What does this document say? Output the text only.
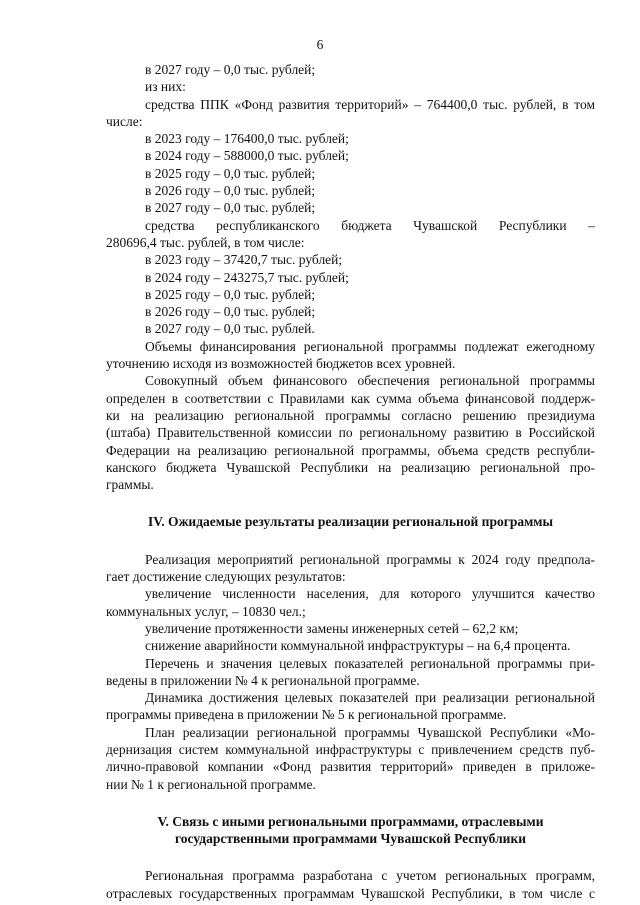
6
в 2027 году – 0,0 тыс. рублей;
из них:
средства ППК «Фонд развития территорий» – 764400,0 тыс. рублей, в том
числе:
в 2023 году – 176400,0 тыс. рублей;
в 2024 году – 588000,0 тыс. рублей;
в 2025 году – 0,0 тыс. рублей;
в 2026 году – 0,0 тыс. рублей;
в 2027 году – 0,0 тыс. рублей;
средства республиканского бюджета Чувашской Республики –
280696,4 тыс. рублей, в том числе:
в 2023 году – 37420,7 тыс. рублей;
в 2024 году – 243275,7 тыс. рублей;
в 2025 году – 0,0 тыс. рублей;
в 2026 году – 0,0 тыс. рублей;
в 2027 году – 0,0 тыс. рублей.
Объемы финансирования региональной программы подлежат ежегодному
уточнению исходя из возможностей бюджетов всех уровней.
Совокупный объем финансового обеспечения региональной программы
определен в соответствии с Правилами как сумма объема финансовой поддерж-
ки на реализацию региональной программы согласно решению президиума
(штаба) Правительственной комиссии по региональному развитию в Российской
Федерации на реализацию региональной программы, объема средств республи-
канского бюджета Чувашской Республики на реализацию региональной про-
граммы.
IV. Ожидаемые результаты реализации региональной программы
Реализация мероприятий региональной программы к 2024 году предпола-
гает достижение следующих результатов:
увеличение численности населения, для которого улучшится качество
коммунальных услуг, – 10830 чел.;
увеличение протяженности замены инженерных сетей – 62,2 км;
снижение аварийности коммунальной инфраструктуры – на 6,4 процента.
Перечень и значения целевых показателей региональной программы при-
ведены в приложении № 4 к региональной программе.
Динамика достижения целевых показателей при реализации региональной
программы приведена в приложении № 5 к региональной программе.
План реализации региональной программы Чувашской Республики «Мо-
дернизация систем коммунальной инфраструктуры с привлечением средств пуб-
лично-правовой компании «Фонд развития территорий» приведен в приложе-
нии № 1 к региональной программе.
V. Связь с иными региональными программами, отраслевыми
государственными программами Чувашской Республики
Региональная программа разработана с учетом региональных программ,
отраслевых государственных программам Чувашской Республики, в том числе с
